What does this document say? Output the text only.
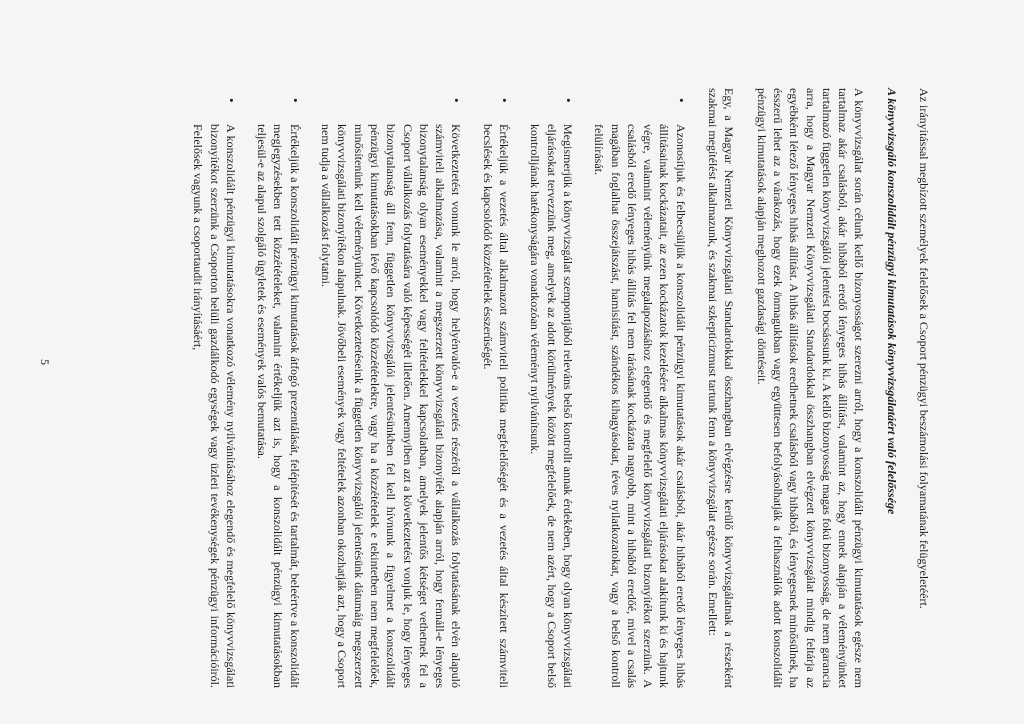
Az irányítással megbízott személyek felelősek a Csoport pénzügyi beszámolási folyamatának felügyeletéért.

A könyvvizsgáló konszolidált pénzügyi kimutatások könyvvizsgálatáért való felelőssége

A könyvvizsgálat során célunk kellő bizonyosságot szerezni arról, hogy a konszolidált pénzügyi kimutatások egésze nem tartalmaz akár csalásból, akár hibából eredő lényeges hibás állítást, valamint az, hogy ennek alapján a véleményünket tartalmazó független könyvvizsgálói jelentést bocsássunk ki. A kellő bizonyosság magas fokú bizonyosság, de nem garancia arra, hogy a Magyar Nemzeti Könyvvizsgálati Standardokkal összhangban elvégzett könyvvizsgálat mindig feltárja az egyébként létező lényeges hibás állítást. A hibás állítások eredhetnek csalásból vagy hibából, és lényegesnek minősülnek, ha ésszerű lehet az a várakozás, hogy ezek önmagukban vagy együttesen befolyásolhatják a felhasználók adott konszolidált pénzügyi kimutatások alapján meghozott gazdasági döntéseit.

Egy, a Magyar Nemzeti Könyvvizsgálati Standardokkal összhangban elvégzésre kerülő könyvvizsgálatnak a részeként szakmai megítélést alkalmazunk, és szakmai szkepticizmust tartunk fenn a könyvvizsgálat egésze során. Emellett:

• Azonosítjuk és felbecsüljük a konszolidált pénzügyi kimutatások akár csalásból, akár hibából eredő lényeges hibás állításainak kockázatait, az ezen kockázatok kezelésére alkalmas könyvvizsgálati eljárásokat alakítunk ki és hajtunk végre, valamint véleményünk megalapozásához elegendő és megfelelő könyvvizsgálati bizonyítékot szerzünk. A csalásból eredő lényeges hibás állítás fel nem tárásának kockázata nagyobb, mint a hibából eredőé, mivel a csalás magában foglalhat összejátszást, hamisítást, szándékos kihagyásokat, téves nyilatkozatokat, vagy a belső kontroll felülírását.
• Megismerjük a könyvvizsgálat szempontjából releváns belső kontrollt annak érdekében, hogy olyan könyvvizsgálati eljárásokat tervezzünk meg, amelyek az adott körülmények között megfelelőek, de nem azért, hogy a Csoport belső kontrolljának hatékonyságára vonatkozóan véleményt nyilvánítsunk.
• Értékeljük a vezetés által alkalmazott számviteli politika megfelelőségét és a vezetés által készített számviteli becslések és kapcsolódó közzétételek ésszerűségét.
• Következtetést vonunk le arról, hogy helyénvaló-e a vezetés részéről a vállalkozás folytatásának elvén alapuló számviteli alkalmazása, valamint a megszerzett könyvvizsgálati bizonyíték alapján arról, hogy fennáll-e lényeges bizonytalanság olyan eseményekkel vagy feltételekkel kapcsolatban, amelyek jelentős kétséget vethetnek fel a Csoport vállalkozás folytatására való képességét illetően. Amennyiben azt a következtetést vonjuk le, hogy lényeges bizonytalanság áll fenn, független könyvvizsgálói jelentésünkben fel kell hívnunk a figyelmet a konszolidált pénzügyi kimutatásokban lévő kapcsolódó közzétételekre, vagy ha a közzétételek e tekintetben nem megfelelőek, minősítenünk kell véleményünket. Következtetéseink a független könyvvizsgálói jelentésünk dátumáig megszerzett könyvvizsgálati bizonyítékon alapulnak. Jövőbeli események vagy feltételek azonban okozhatják azt, hogy a Csoport nem tudja a vállalkozást folytatni.
• Értékeljük a konszolidált pénzügyi kimutatások átfogó prezentálását, felépítését és tartalmát, beleértve a konszolidált megjegyzésekben tett közzétételeket, valamint értékeljük azt is, hogy a konszolidált pénzügyi kimutatásokban teljesül-e az alapul szolgáló ügyletek és események valós bemutatása.
• A konszolidált pénzügyi kimutatásokra vonatkozó vélemény nyilvánításához elegendő és megfelelő könyvvizsgálati bizonyítékot szerzünk a Csoporton belüli gazdálkodó egységek vagy üzleti tevékenységek pénzügyi információiról. Felelősek vagyunk a csoportaudit irányításáért,
5
